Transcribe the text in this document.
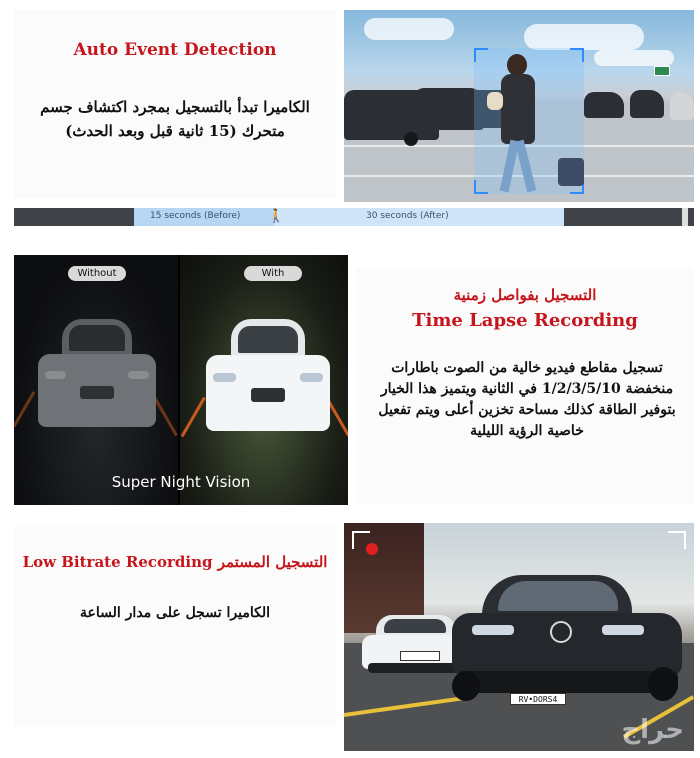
Auto Event Detection
الكاميرا تبدأ بالتسجيل بمجرد اكتشاف جسم متحرك (15 ثانية قبل وبعد الحدث)
15 seconds (Before)	30 seconds (After)
🚶
Without	With
Super Night Vision
التسجيل بفواصل زمنية
Time Lapse Recording
تسجيل مقاطع فيديو خالية من الصوت باطارات منخفضة 1/2/3/5/10 في الثانية ويتميز هذا الخيار بتوفير الطاقة كذلك مساحة تخزين أعلى ويتم تفعيل خاصية الرؤية الليلية
Low Bitrate Recording التسجيل المستمر
الكاميرا تسجل على مدار الساعة
RV•DORS4
حراج
